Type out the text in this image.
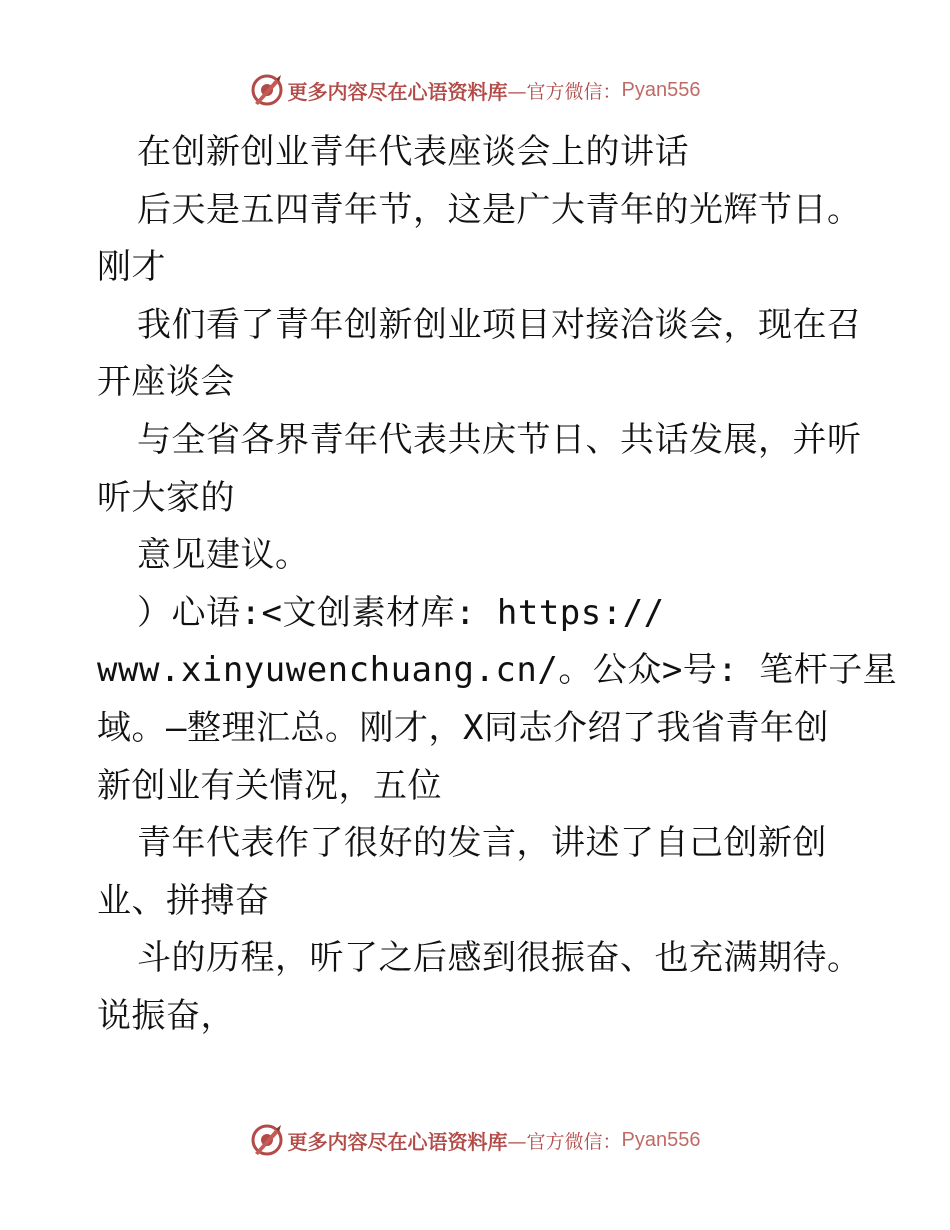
更多内容尽在心语资料库 —官方微信： Pyan556
在创新创业青年代表座谈会上的讲话
后天是五四青年节，这是广大青年的光辉节日。
刚才
我们看了青年创新创业项目对接洽谈会，现在召
开座谈会
与全省各界青年代表共庆节日、共话发展，并听
听大家的
意见建议。
）心语:<文创素材库: https://
www.xinyuwenchuang.cn/。公众>号: 笔杆子星
域。—整理汇总。刚才，X同志介绍了我省青年创
新创业有关情况，五位
青年代表作了很好的发言，讲述了自己创新创
业、拼搏奋
斗的历程，听了之后感到很振奋、也充满期待。
说振奋，
更多内容尽在心语资料库 —官方微信： Pyan556
